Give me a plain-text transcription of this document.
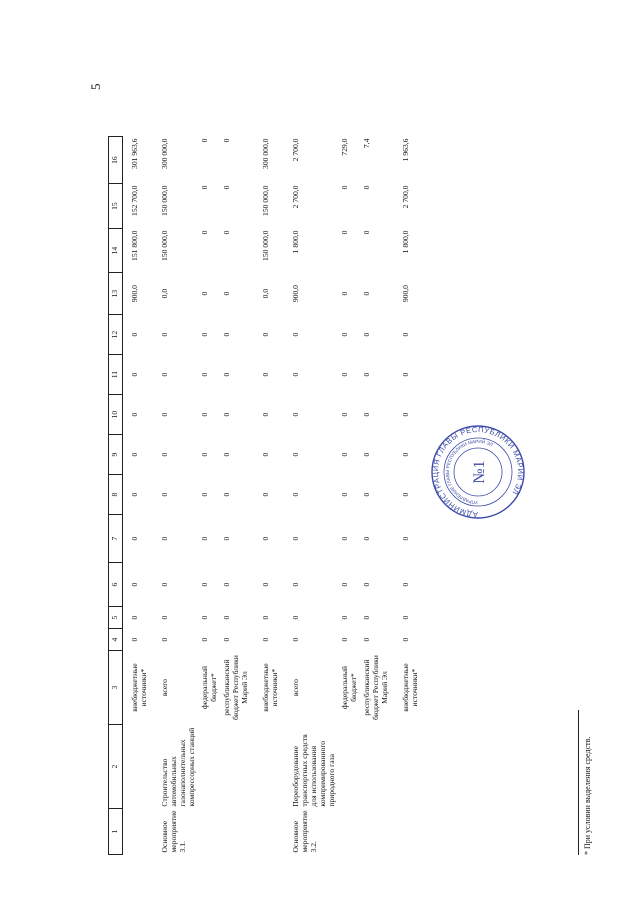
5
1	2	3	4	5	6	7	8	9	10	11	12	13	14	15	16
		внебюджетные источники*	0	0	0	0	0	0	0	0	0	900,0	151 800,0	152 700,0	301 963,6
Основное мероприятие 3.1.	Строительство автомобильных газонаполнительных компрессорных станций	всего	0	0	0	0	0	0	0	0	0	0,0	150 000,0	150 000,0	300 000,0
		федеральный бюджет*	0	0	0	0	0	0	0	0	0	0	0	0	0
		республиканский бюджет Республики Марий Эл	0	0	0	0	0	0	0	0	0	0	0	0	0
		внебюджетные источники*	0	0	0	0	0	0	0	0	0	0,0	150 000,0	150 000,0	300 000,0
Основное мероприятие 3.2.	Переоборудование транспортных средств для использования компримированного природного газа	всего	0	0	0	0	0	0	0	0	0	900,0	1 800,0	2 700,0	2 700,0
		федеральный бюджет*	0	0	0	0	0	0	0	0	0	0	0	0	729,0
		республиканский бюджет Республики Марий Эл	0	0	0	0	0	0	0	0	0	0	0	0	7,4
		внебюджетные источники*	0	0	0	0	0	0	0	0	0	900,0	1 800,0	2 700,0	1 963,6
АДМИНИСТРАЦИЯ ГЛАВЫ РЕСПУБЛИКИ МАРИЙ ЭЛ
УПРАВЛЕНИЕ ГЛАВЫ РЕСПУБЛИКИ МАРИЙ ЭЛ
№1
* При условии выделения средств.
